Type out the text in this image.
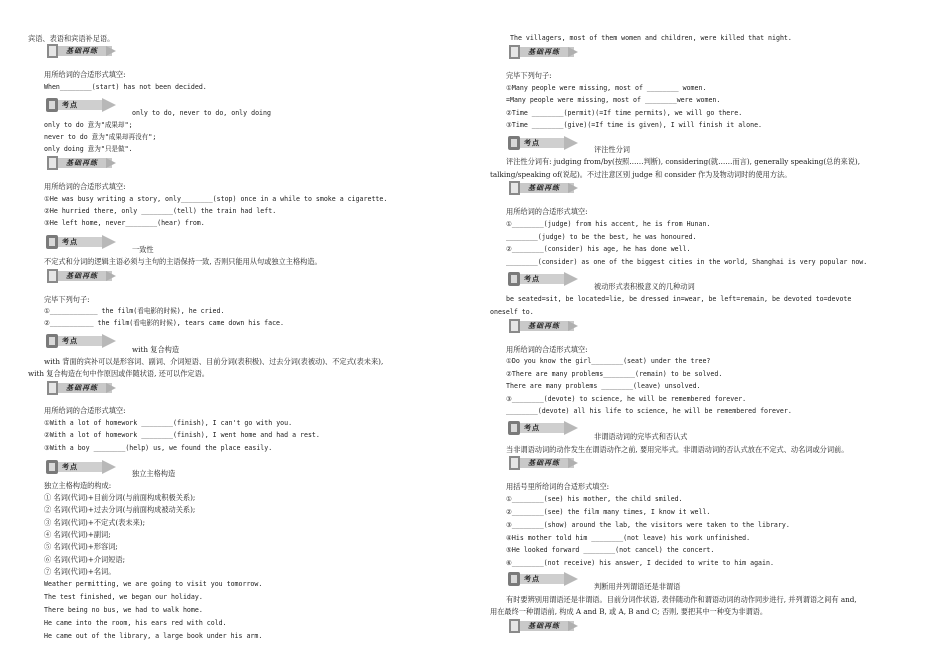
宾语、表语和宾语补足语。
基础再练
用所给词的合适形式填空:
When________(start) has not been decided.
考点
only to do, never to do, only doing
only to do 意为"成果却";
never to do 意为"成果却再没有";
only doing 意为"只是做".
基础再练
用所给词的合适形式填空:
①He was busy writing a story, only________(stop) once in a while to smoke a cigarette.
②He hurried there, only ________(tell) the train had left.
③He left home, never________(hear) from.
考点
一致性
不定式和分词的逻辑主语必须与主句的主语保持一致, 否则只能用从句或独立主格构造。
基础再练
完毕下列句子:
①____________ the film(看电影的时候), he cried.
②___________ the film(看电影的时候), tears came down his face.
考点
with 复合构造
with 背面的宾补可以是形容词、副词、介词短语、目前分词(表积极)、过去分词(表被动)、不定式(表未来),
with 复合构造在句中作原因或伴随状语, 还可以作定语。
基础再练
用所给词的合适形式填空:
①With a lot of homework ________(finish), I can't go with you.
②With a lot of homework ________(finish), I went home and had a rest.
③With a boy ________(help) us, we found the place easily.
考点
独立主格构造
独立主格构造的构成:
① 名词(代词)+目前分词(与前面构成积极关系);
② 名词(代词)+过去分词(与前面构成被动关系);
③ 名词(代词)+不定式(表未来);
④ 名词(代词)+副词;
⑤ 名词(代词)+形容词;
⑥ 名词(代词)+介词短语;
⑦ 名词(代词)+名词。
Weather permitting, we are going to visit you tomorrow.
The test finished, we began our holiday.
There being no bus, we had to walk home.
He came into the room, his ears red with cold.
He came out of the library, a large book under his arm.
The villagers, most of them women and children, were killed that night.
基础再练
完毕下列句子:
①Many people were missing, most of ________ women.
=Many people were missing, most of ________were women.
②Time ________(permit)(=If time permits), we will go there.
③Time ________(give)(=If time is given), I will finish it alone.
考点
评注性分词
评注性分词有: judging from/by(按照……判断), considering(就……而言), generally speaking(总的来说),
talking/speaking of(说起)。不过注意区别 judge 和 consider 作为及物动词时的使用方法。
基础再练
用所给词的合适形式填空:
①________(judge) from his accent, he is from Hunan.
________(judge) to be the best, he was honoured.
②________(consider) his age, he has done well.
________(consider) as one of the biggest cities in the world, Shanghai is very popular now.
考点
被动形式表积极意义的几种动词
be seated=sit, be located=lie, be dressed in=wear, be left=remain, be devoted to=devote
oneself to.
基础再练
用所给词的合适形式填空:
①Do you know the girl________(seat) under the tree?
②There are many problems________(remain) to be solved.
There are many problems ________(leave) unsolved.
③________(devote) to science, he will be remembered forever.
________(devote) all his life to science, he will be remembered forever.
考点
非谓语动词的完毕式和否认式
当非谓语动词的动作发生在谓语动作之前, 要用完毕式。非谓语动词的否认式放在不定式、动名词或分词前。
基础再练
用括号里所给词的合适形式填空:
①________(see) his mother, the child smiled.
②________(see) the film many times, I know it well.
③________(show) around the lab, the visitors were taken to the library.
④His mother told him ________(not leave) his work unfinished.
⑤He looked forward ________(not cancel) the concert.
⑥________(not receive) his answer, I decided to write to him again.
考点
判断用并列谓语还是非谓语
有时要辨别用谓语还是非谓语。目前分词作状语, 表伴随动作和谓语动词的动作同步进行, 并列谓语之间有 and,
用在最终一种谓语前, 构成 A and B, 或 A, B and C; 否则, 要把其中一种变为非谓语。
基础再练
